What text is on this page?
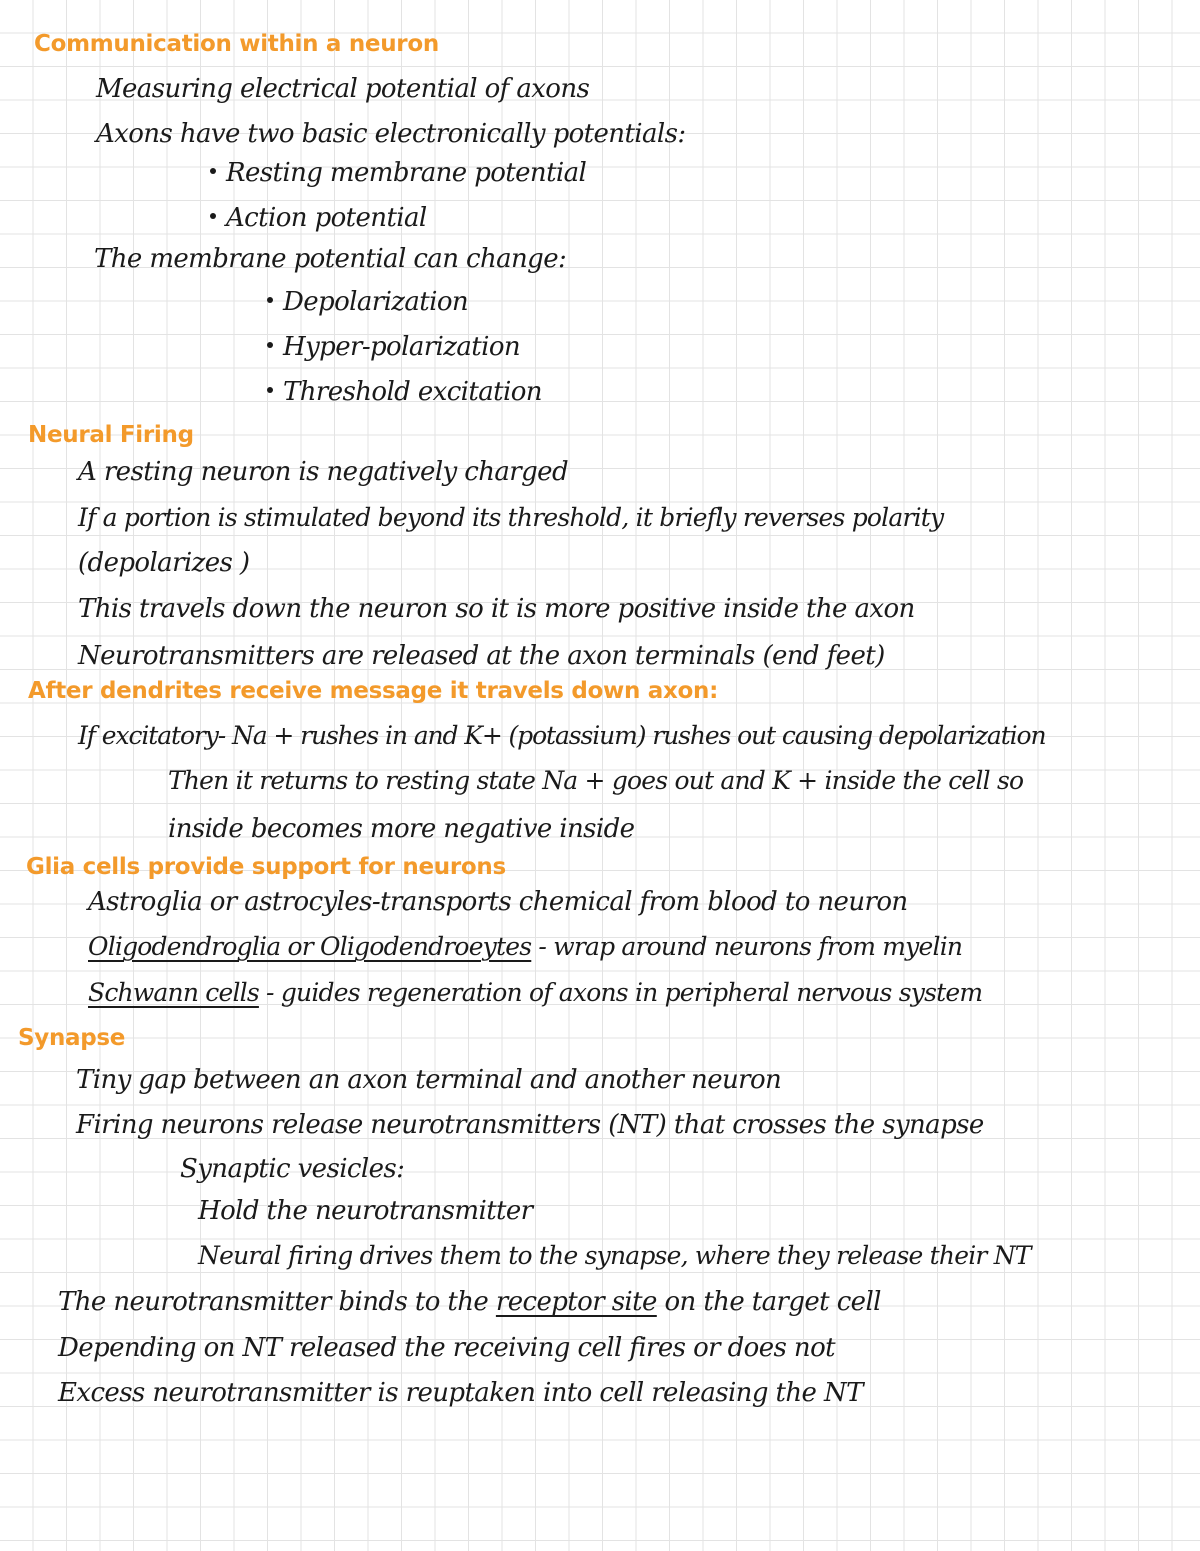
Communication within a neuron
Measuring electrical potential of axons
Axons have two basic electronically potentials:
Resting membrane potential
Action potential
The membrane potential can change:
Depolarization
Hyper-polarization
Threshold excitation
Neural Firing
A resting neuron is negatively charged
If a portion is stimulated beyond its threshold, it briefly reverses polarity
(depolarizes )
This travels down the neuron so it is more positive inside the axon
Neurotransmitters are released at the axon terminals (end feet)
After dendrites receive message it travels down axon:
If excitatory- Na + rushes in and K+ (potassium) rushes out causing depolarization
Then it returns to resting state Na + goes out and K + inside the cell so
inside becomes more negative inside
Glia cells provide support for neurons
Astroglia or astrocyles-transports chemical from blood to neuron
Oligodendroglia or Oligodendroeytes - wrap around neurons from myelin
Schwann cells - guides regeneration of axons in peripheral nervous system
Synapse
Tiny gap between an axon terminal and another neuron
Firing neurons release neurotransmitters (NT) that crosses the synapse
Synaptic vesicles:
Hold the neurotransmitter
Neural firing drives them to the synapse, where they release their NT
The neurotransmitter binds to the receptor site on the target cell
Depending on NT released the receiving cell fires or does not
Excess neurotransmitter is reuptaken into cell releasing the NT
